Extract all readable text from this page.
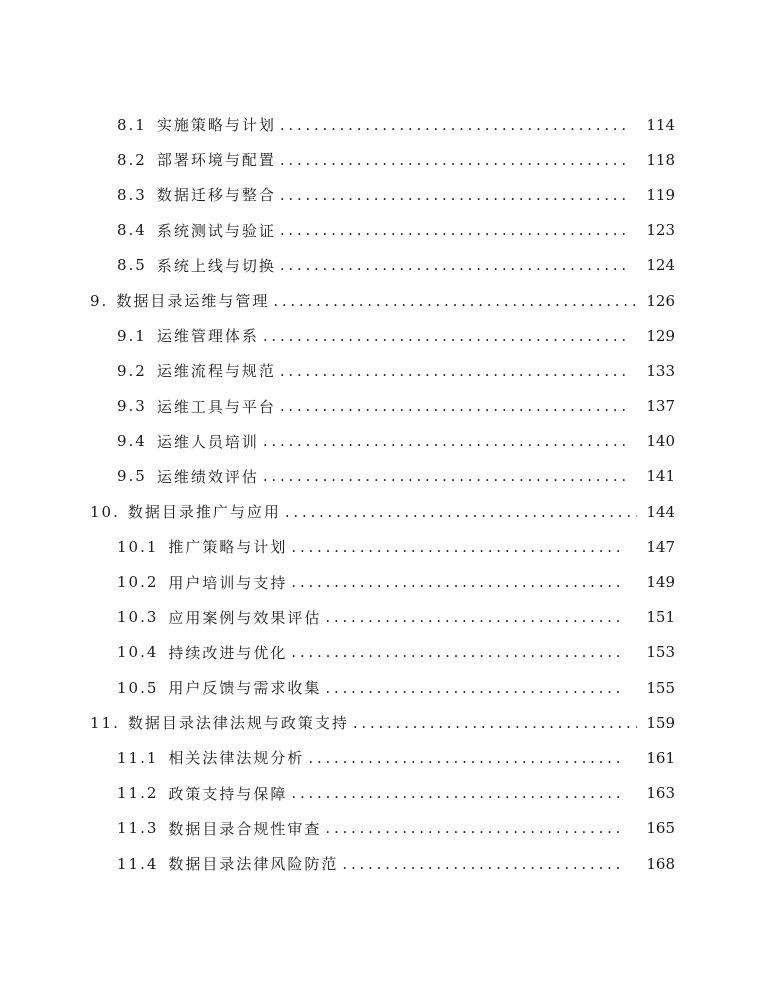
8.1 实施策略与计划 . . .	114
8.2 部署环境与配置 . . .	118
8.3 数据迁移与整合 . . .	119
8.4 系统测试与验证 . . .	123
8.5 系统上线与切换 . . .	124
9. 数据目录运维与管理 . . .	126
9.1 运维管理体系 . . .	129
9.2 运维流程与规范 . . .	133
9.3 运维工具与平台 . . .	137
9.4 运维人员培训 . . .	140
9.5 运维绩效评估 . . .	141
10. 数据目录推广与应用 . . .	144
10.1 推广策略与计划 . . .	147
10.2 用户培训与支持 . . .	149
10.3 应用案例与效果评估 . . .	151
10.4 持续改进与优化 . . .	153
10.5 用户反馈与需求收集 . . .	155
11. 数据目录法律法规与政策支持 . . .	159
11.1 相关法律法规分析 . . .	161
11.2 政策支持与保障 . . .	163
11.3 数据目录合规性审查 . . .	165
11.4 数据目录法律风险防范 . . .	168
